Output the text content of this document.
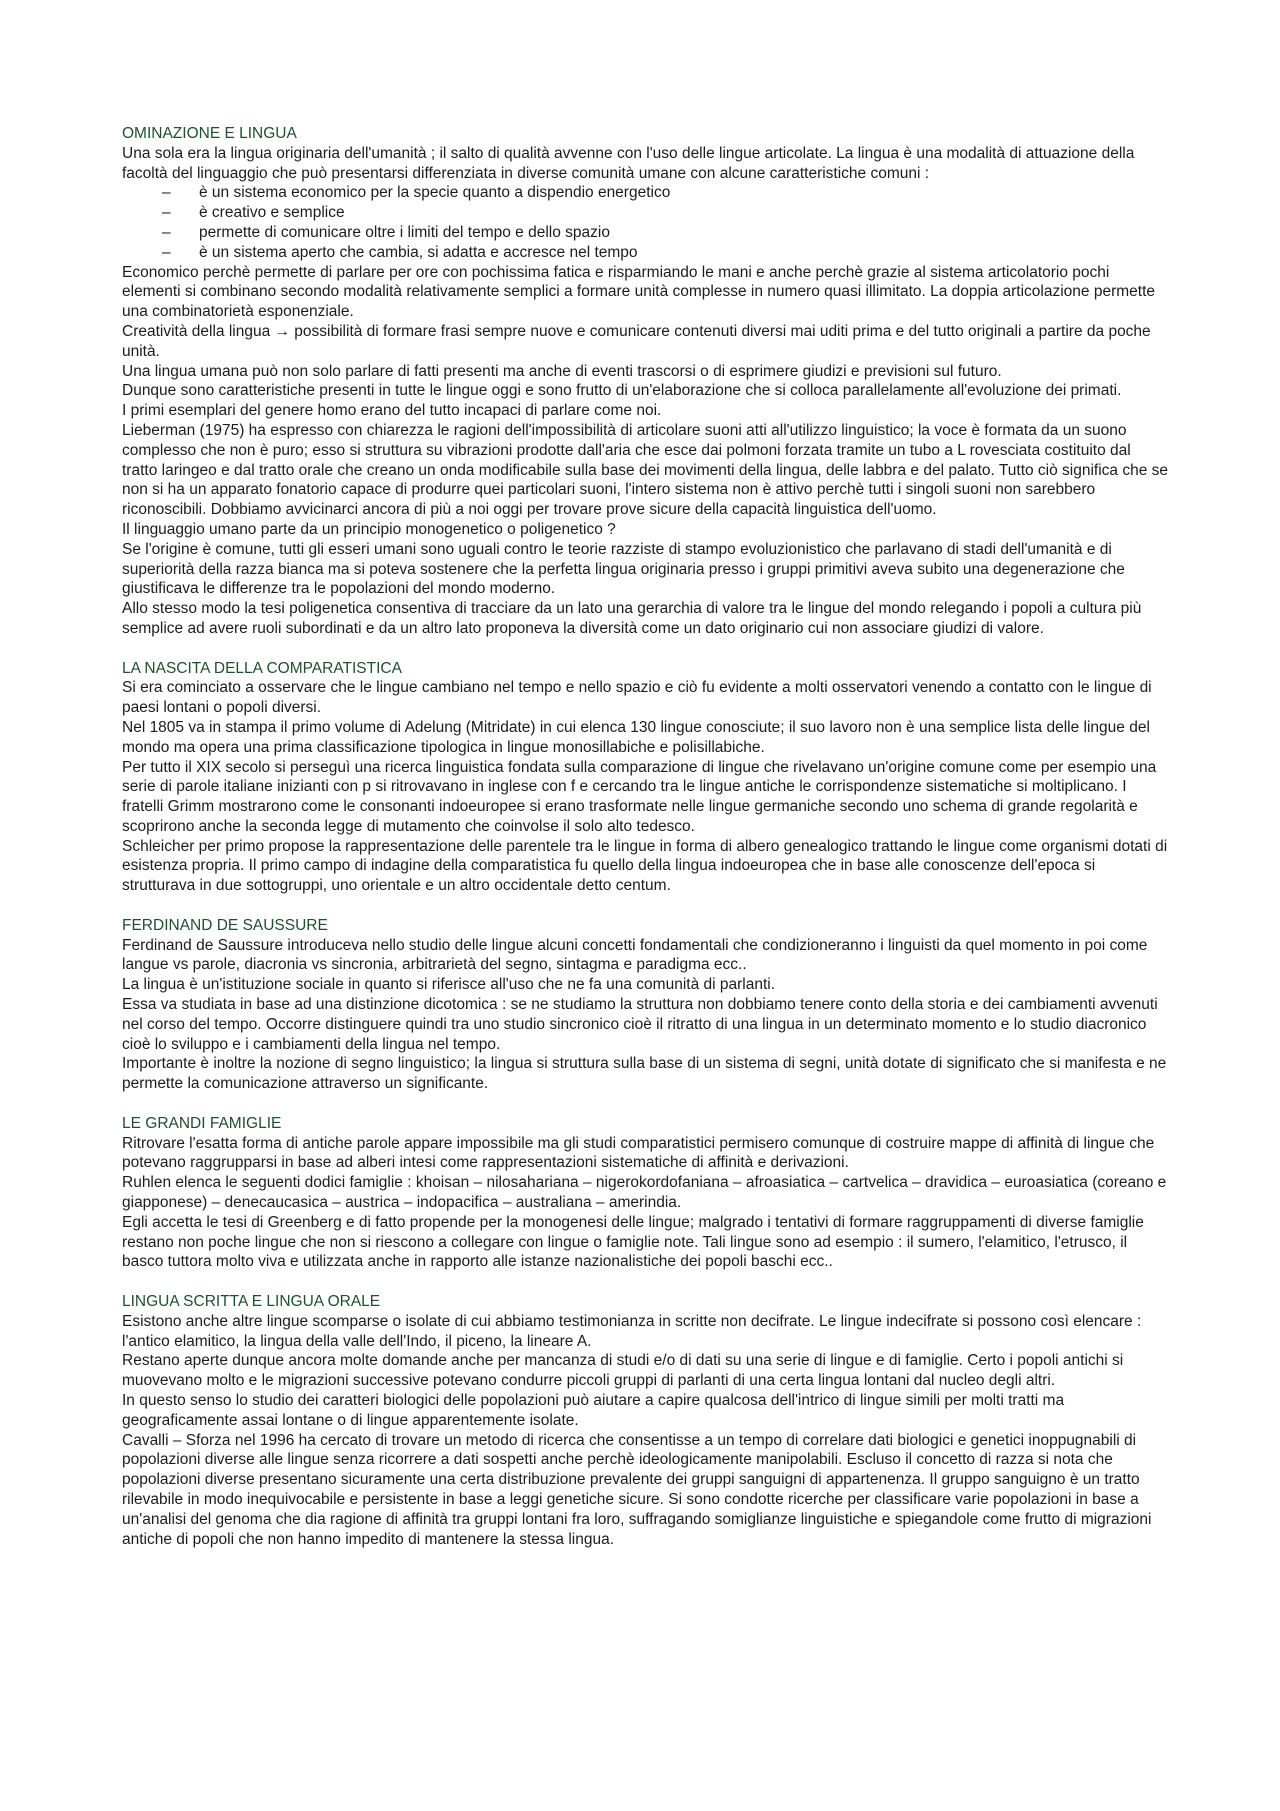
OMINAZIONE E LINGUA

Una sola era la lingua originaria dell'umanità ; il salto di qualità avvenne con l'uso delle lingue articolate. La lingua è una modalità di attuazione della facoltà del linguaggio che può presentarsi differenziata in diverse comunità umane con alcune caratteristiche comuni :

– è un sistema economico per la specie quanto a dispendio energetico
– è creativo e semplice
– permette di comunicare oltre i limiti del tempo e dello spazio
– è un sistema aperto che cambia, si adatta e accresce nel tempo

Economico perchè permette di parlare per ore con pochissima fatica e risparmiando le mani e anche perchè grazie al sistema articolatorio pochi elementi si combinano secondo modalità relativamente semplici a formare unità complesse in numero quasi illimitato. La doppia articolazione permette una combinatorietà esponenziale.

Creatività della lingua → possibilità di formare frasi sempre nuove e comunicare contenuti diversi mai uditi prima e del tutto originali a partire da poche unità.

Una lingua umana può non solo parlare di fatti presenti ma anche di eventi trascorsi o di esprimere giudizi e previsioni sul futuro.

Dunque sono caratteristiche presenti in tutte le lingue oggi e sono frutto di un'elaborazione che si colloca parallelamente all'evoluzione dei primati.

I primi esemplari del genere homo erano del tutto incapaci di parlare come noi.

Lieberman (1975) ha espresso con chiarezza le ragioni dell'impossibilità di articolare suoni atti all'utilizzo linguistico; la voce è formata da un suono complesso che non è puro; esso si struttura su vibrazioni prodotte dall'aria che esce dai polmoni forzata tramite un tubo a L rovesciata costituito dal tratto laringeo e dal tratto orale che creano un onda modificabile sulla base dei movimenti della lingua, delle labbra e del palato. Tutto ciò significa che se non si ha un apparato fonatorio capace di produrre quei particolari suoni, l'intero sistema non è attivo perchè tutti i singoli suoni non sarebbero riconoscibili. Dobbiamo avvicinarci ancora di più a noi oggi per trovare prove sicure della capacità linguistica dell'uomo.

Il linguaggio umano parte da un principio monogenetico o poligenetico ?

Se l'origine è comune, tutti gli esseri umani sono uguali contro le teorie razziste di stampo evoluzionistico che parlavano di stadi dell'umanità e di superiorità della razza bianca ma si poteva sostenere che la perfetta lingua originaria presso i gruppi primitivi aveva subito una degenerazione che giustificava le differenze tra le popolazioni del mondo moderno.

Allo stesso modo la tesi poligenetica consentiva di tracciare da un lato una gerarchia di valore tra le lingue del mondo relegando i popoli a cultura più semplice ad avere ruoli subordinati e da un altro lato proponeva la diversità come un dato originario cui non associare giudizi di valore.

LA NASCITA DELLA COMPARATISTICA

Si era cominciato a osservare che le lingue cambiano nel tempo e nello spazio e ciò fu evidente a molti osservatori venendo a contatto con le lingue di paesi lontani o popoli diversi.

Nel 1805 va in stampa il primo volume di Adelung (Mitridate) in cui elenca 130 lingue conosciute; il suo lavoro non è una semplice lista delle lingue del mondo ma opera una prima classificazione tipologica in lingue monosillabiche e polisillabiche.

Per tutto il XIX secolo si perseguì una ricerca linguistica fondata sulla comparazione di lingue che rivelavano un'origine comune come per esempio una serie di parole italiane inizianti con p si ritrovavano in inglese con f e cercando tra le lingue antiche le corrispondenze sistematiche si moltiplicano. I fratelli Grimm mostrarono come le consonanti indoeuropee si erano trasformate nelle lingue germaniche secondo uno schema di grande regolarità e scoprirono anche la seconda legge di mutamento che coinvolse il solo alto tedesco.

Schleicher per primo propose la rappresentazione delle parentele tra le lingue in forma di albero genealogico trattando le lingue come organismi dotati di esistenza propria. Il primo campo di indagine della comparatistica fu quello della lingua indoeuropea che in base alle conoscenze dell'epoca si strutturava in due sottogruppi, uno orientale e un altro occidentale detto centum.

FERDINAND DE SAUSSURE

Ferdinand de Saussure introduceva nello studio delle lingue alcuni concetti fondamentali che condizioneranno i linguisti da quel momento in poi come langue vs parole, diacronia vs sincronia, arbitrarietà del segno, sintagma e paradigma ecc..

La lingua è un'istituzione sociale in quanto si riferisce all'uso che ne fa una comunità di parlanti.

Essa va studiata in base ad una distinzione dicotomica : se ne studiamo la struttura non dobbiamo tenere conto della storia e dei cambiamenti avvenuti nel corso del tempo. Occorre distinguere quindi tra uno studio sincronico cioè il ritratto di una lingua in un determinato momento e lo studio diacronico cioè lo sviluppo e i cambiamenti della lingua nel tempo.

Importante è inoltre la nozione di segno linguistico; la lingua si struttura sulla base di un sistema di segni, unità dotate di significato che si manifesta e ne permette la comunicazione attraverso un significante.

LE GRANDI FAMIGLIE

Ritrovare l'esatta forma di antiche parole appare impossibile ma gli studi comparatistici permisero comunque di costruire mappe di affinità di lingue che potevano raggrupparsi in base ad alberi intesi come rappresentazioni sistematiche di affinità e derivazioni.

Ruhlen elenca le seguenti dodici famiglie : khoisan – nilosahariana – nigerokordofaniana – afroasiatica – cartvelica – dravidica – euroasiatica (coreano e giapponese) – denecaucasica – austrica – indopacifica – australiana – amerindia.

Egli accetta le tesi di Greenberg e di fatto propende per la monogenesi delle lingue; malgrado i tentativi di formare raggruppamenti di diverse famiglie restano non poche lingue che non si riescono a collegare con lingue o famiglie note. Tali lingue sono ad esempio : il sumero, l'elamitico, l'etrusco, il basco tuttora molto viva e utilizzata anche in rapporto alle istanze nazionalistiche dei popoli baschi ecc..

LINGUA SCRITTA E LINGUA ORALE

Esistono anche altre lingue scomparse o isolate di cui abbiamo testimonianza in scritte non decifrate. Le lingue indecifrate si possono così elencare : l'antico elamitico, la lingua della valle dell'Indo, il piceno, la lineare A.

Restano aperte dunque ancora molte domande anche per mancanza di studi e/o di dati su una serie di lingue e di famiglie. Certo i popoli antichi si muovevano molto e le migrazioni successive potevano condurre piccoli gruppi di parlanti di una certa lingua lontani dal nucleo degli altri.

In questo senso lo studio dei caratteri biologici delle popolazioni può aiutare a capire qualcosa dell'intrico di lingue simili per molti tratti ma geograficamente assai lontane o di lingue apparentemente isolate.

Cavalli – Sforza nel 1996 ha cercato di trovare un metodo di ricerca che consentisse a un tempo di correlare dati biologici e genetici inoppugnabili di popolazioni diverse alle lingue senza ricorrere a dati sospetti anche perchè ideologicamente manipolabili. Escluso il concetto di razza si nota che popolazioni diverse presentano sicuramente una certa distribuzione prevalente dei gruppi sanguigni di appartenenza. Il gruppo sanguigno è un tratto rilevabile in modo inequivocabile e persistente in base a leggi genetiche sicure. Si sono condotte ricerche per classificare varie popolazioni in base a un'analisi del genoma che dia ragione di affinità tra gruppi lontani fra loro, suffragando somiglianze linguistiche e spiegandole come frutto di migrazioni antiche di popoli che non hanno impedito di mantenere la stessa lingua.
